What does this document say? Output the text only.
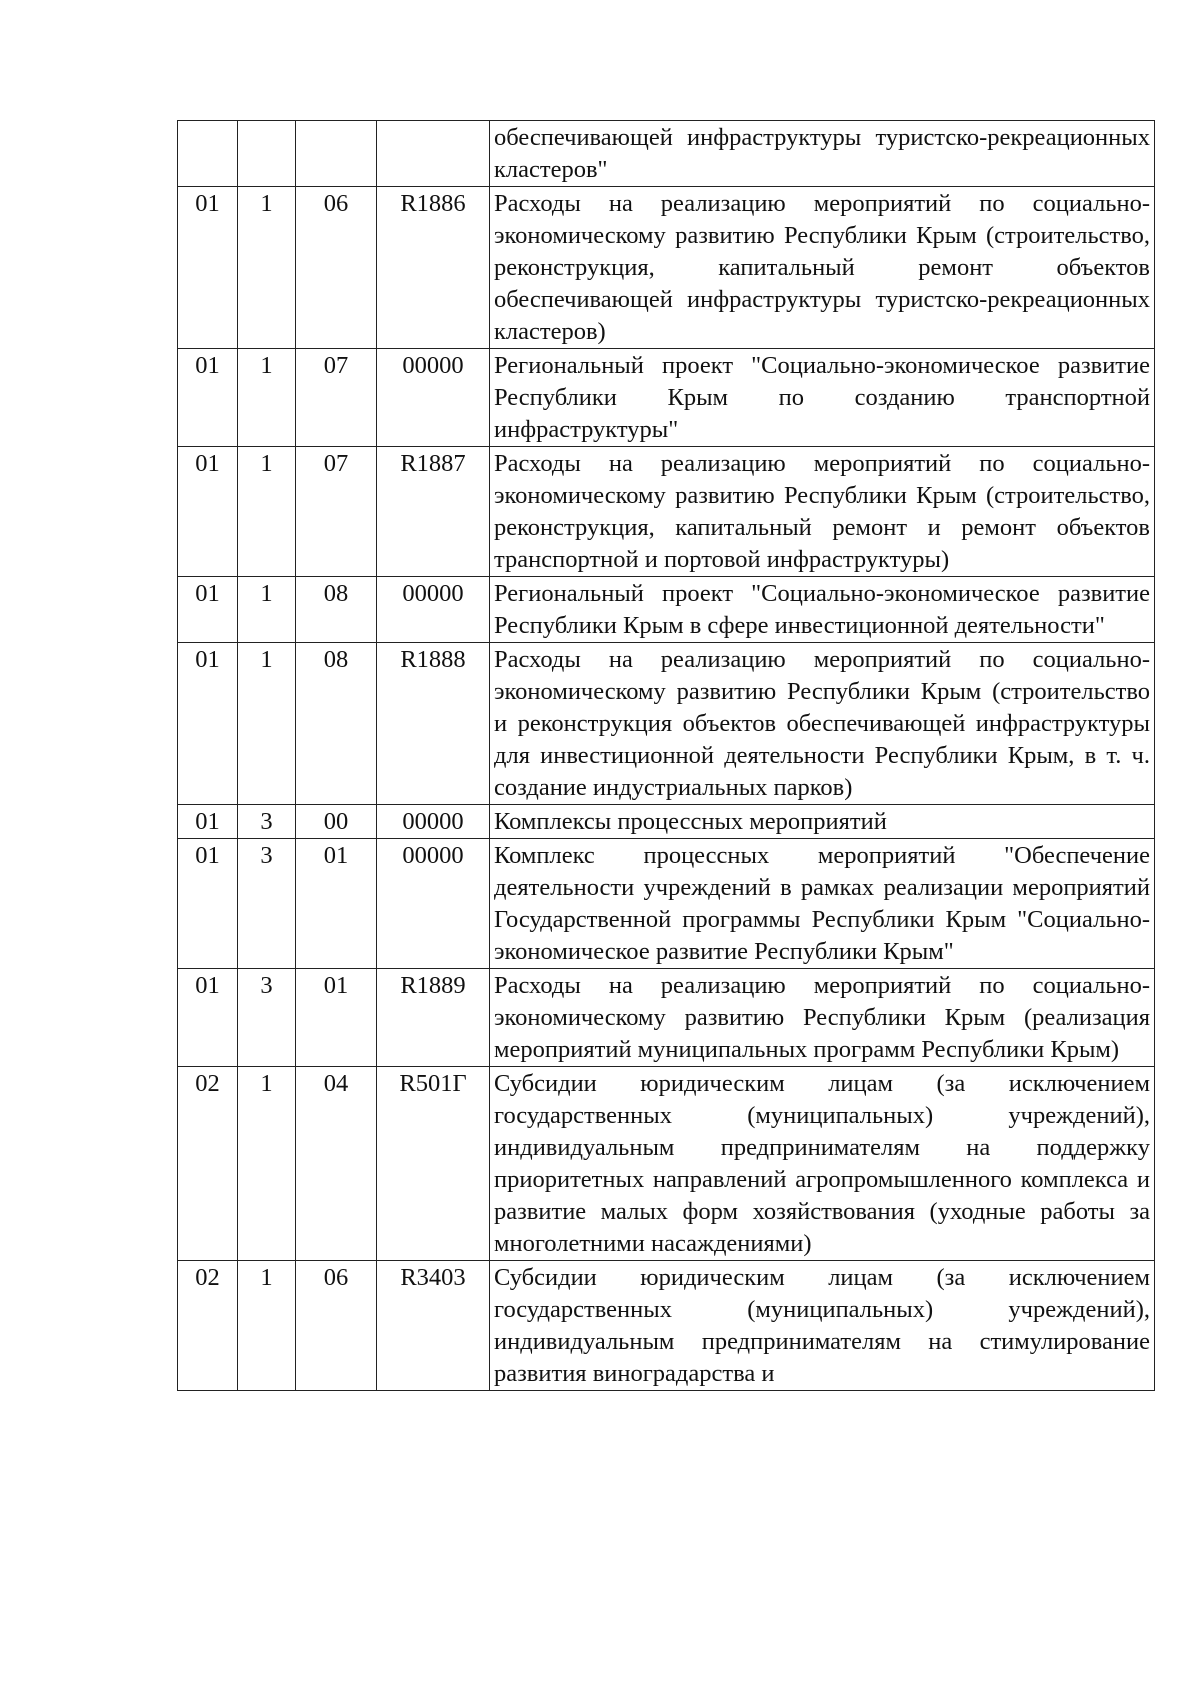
				обеспечивающей инфраструктуры туристско-рекреационных кластеров"
01	1	06	R1886	Расходы на реализацию мероприятий по социально-экономическому развитию Республики Крым (строительство, реконструкция, капитальный ремонт объектов обеспечивающей инфраструктуры туристско-рекреационных кластеров)
01	1	07	00000	Региональный проект "Социально-экономическое развитие Республики Крым по созданию транспортной инфраструктуры"
01	1	07	R1887	Расходы на реализацию мероприятий по социально-экономическому развитию Республики Крым (строительство, реконструкция, капитальный ремонт и ремонт объектов транспортной и портовой инфраструктуры)
01	1	08	00000	Региональный проект "Социально-экономическое развитие Республики Крым в сфере инвестиционной деятельности"
01	1	08	R1888	Расходы на реализацию мероприятий по социально-экономическому развитию Республики Крым (строительство и реконструкция объектов обеспечивающей инфраструктуры для инвестиционной деятельности Республики Крым, в т. ч. создание индустриальных парков)
01	3	00	00000	Комплексы процессных мероприятий
01	3	01	00000	Комплекс процессных мероприятий "Обеспечение деятельности учреждений в рамках реализации мероприятий Государственной программы Республики Крым "Социально-экономическое развитие Республики Крым"
01	3	01	R1889	Расходы на реализацию мероприятий по социально-экономическому развитию Республики Крым (реализация мероприятий муниципальных программ Республики Крым)
02	1	04	R501Г	Субсидии юридическим лицам (за исключением государственных (муниципальных) учреждений), индивидуальным предпринимателям на поддержку приоритетных направлений агропромышленного комплекса и развитие малых форм хозяйствования (уходные работы за многолетними насаждениями)
02	1	06	R3403	Субсидии юридическим лицам (за исключением государственных (муниципальных) учреждений), индивидуальным предпринимателям на стимулирование развития виноградарства и
